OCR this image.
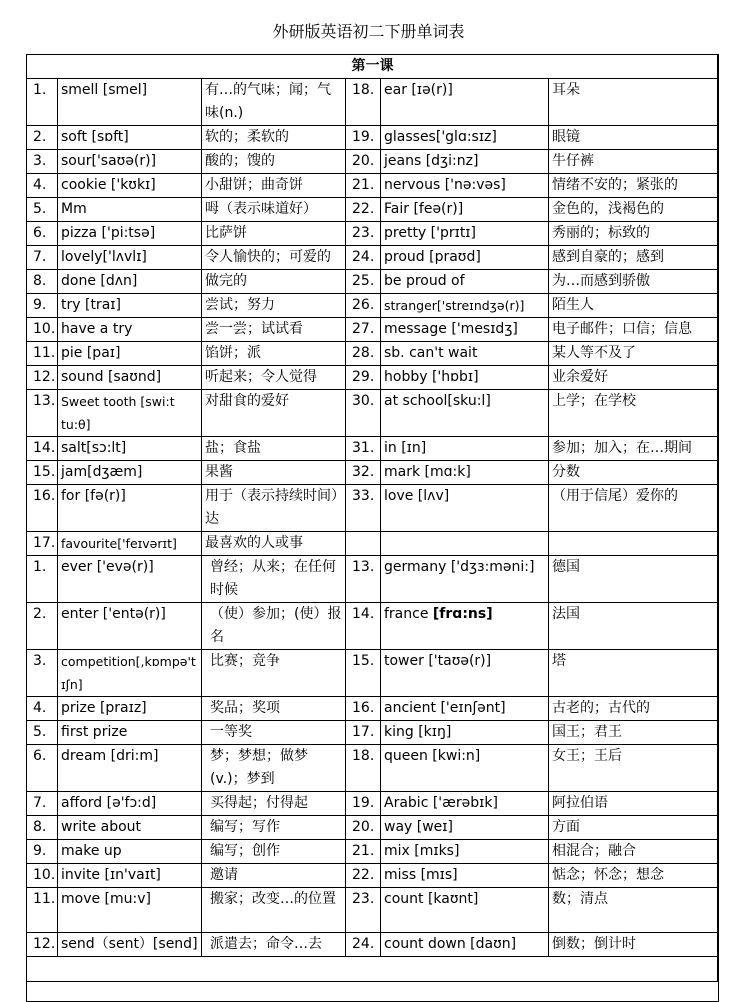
外研版英语初二下册单词表
第一课					
1.	smell [smel]	有…的气味；闻；气味(n.)	18.	ear [ɪə(r)]	耳朵
2.	soft [sɒft]	软的；柔软的	19.	glasses['glɑ:sɪz]	眼镜
3.	sour['saʊə(r)]	酸的；馊的	20.	jeans [dʒi:nz]	牛仔裤
4.	cookie ['kʊkɪ]	小甜饼；曲奇饼	21.	nervous ['nə:vəs]	情绪不安的；紧张的
5.	Mm	呣（表示味道好）	22.	Fair [feə(r)]	金色的，浅褐色的
6.	pizza ['pi:tsə]	比萨饼	23.	pretty ['prɪtɪ]	秀丽的；标致的
7.	lovely['lʌvlɪ]	令人愉快的；可爱的	24.	proud [praʊd]	感到自豪的；感到
8.	done [dʌn]	做完的	25.	be proud of	为…而感到骄傲
9.	try [traɪ]	尝试；努力	26.	stranger['streɪndʒə(r)]	陌生人
10.	have a try	尝一尝；试试看	27.	message ['mesɪdʒ]	电子邮件；口信；信息
11.	pie [paɪ]	馅饼；派	28.	sb. can't wait	某人等不及了
12.	sound [saʊnd]	听起来；令人觉得	29.	hobby ['hɒbɪ]	业余爱好
13.	Sweet tooth [swi:t tu:θ]	对甜食的爱好	30.	at school[sku:l]	上学；在学校
14.	salt[sɔ:lt]	盐；食盐	31.	in [ɪn]	参加；加入；在…期间
15.	jam[dʒæm]	果酱	32.	mark [mɑ:k]	分数
16.	for [fə(r)]	用于（表示持续时间）达	33.	love [lʌv]	（用于信尾）爱你的
17.	favourite['feɪvərɪt]	最喜欢的人或事			
1.	ever ['evə(r)]	曾经；从来；在任何时候	13.	germany ['dʒɜ:məni:]	德国
2.	enter ['entə(r)]	（使）参加；(使）报名	14.	france [frɑ:ns]	法国
3.	competition[,kɒmpə'tɪʃn]	比赛；竞争	15.	tower ['taʊə(r)]	塔
4.	prize [praɪz]	奖品；奖项	16.	ancient ['eɪnʃənt]	古老的；古代的
5.	first prize	一等奖	17.	king [kɪŋ]	国王；君王
6.	dream [dri:m]	梦；梦想；做梦(v.)；梦到	18.	queen [kwi:n]	女王；王后
7.	afford [ə'fɔ:d]	买得起；付得起	19.	Arabic ['ærəbɪk]	阿拉伯语
8.	write about	编写；写作	20.	way [weɪ]	方面
9.	make up	编写；创作	21.	mix [mɪks]	相混合；融合
10.	invite [ɪn'vaɪt]	邀请	22.	miss [mɪs]	惦念；怀念；想念
11.	move [mu:v]	搬家；改变…的位置	23.	count [kaʊnt]	数；清点
12.	send（sent）[send]	派遣去；命令…去	24.	count down [daʊn]	倒数；倒计时
